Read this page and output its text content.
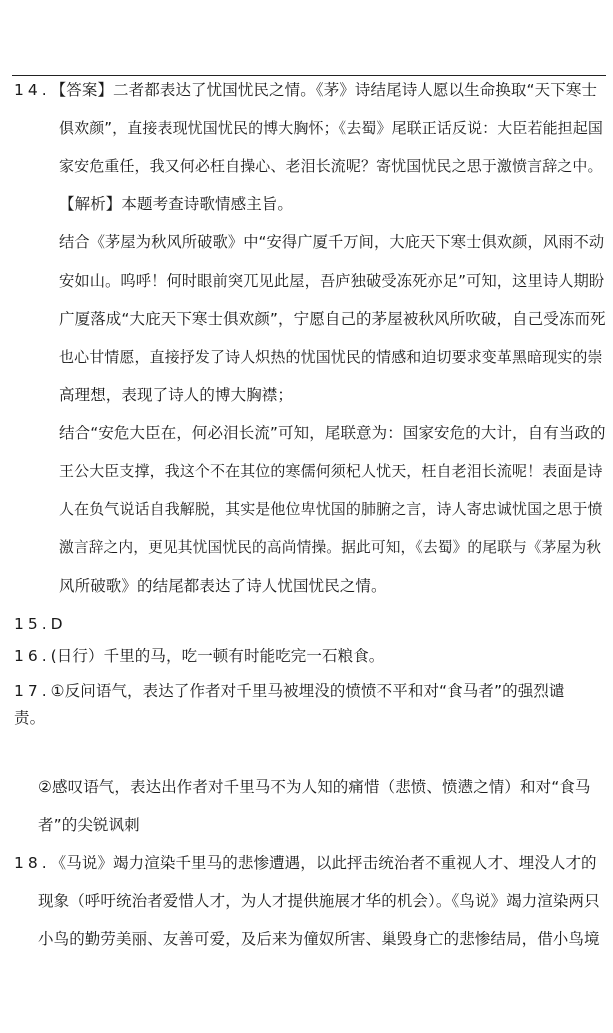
14.【答案】二者都表达了忧国忧民之情。《茅》诗结尾诗人愿以生命换取“天下寒士
俱欢颜”，直接表现忧国忧民的博大胸怀；《去蜀》尾联正话反说：大臣若能担起国
家安危重任，我又何必枉自操心、老泪长流呢？寄忧国忧民之思于激愤言辞之中。
【解析】本题考查诗歌情感主旨。
结合《茅屋为秋风所破歌》中“安得广厦千万间，大庇天下寒士俱欢颜，风雨不动
安如山。呜呼！何时眼前突兀见此屋，吾庐独破受冻死亦足”可知，这里诗人期盼
广厦落成“大庇天下寒士俱欢颜”，宁愿自己的茅屋被秋风所吹破，自己受冻而死
也心甘情愿，直接抒发了诗人炽热的忧国忧民的情感和迫切要求变革黑暗现实的崇
高理想，表现了诗人的博大胸襟；
结合“安危大臣在，何必泪长流”可知，尾联意为：国家安危的大计，自有当政的
王公大臣支撑，我这个不在其位的寒儒何须杞人忧天，枉自老泪长流呢！表面是诗
人在负气说话自我解脱，其实是他位卑忧国的肺腑之言，诗人寄忠诚忧国之思于愤
激言辞之内，更见其忧国忧民的高尚情操。据此可知，《去蜀》的尾联与《茅屋为秋
风所破歌》的结尾都表达了诗人忧国忧民之情。
15.D
16.(日行）千里的马，吃一顿有时能吃完一石粮食。
17.①反问语气，表达了作者对千里马被埋没的愤愤不平和对“食马者”的强烈谴
责。
②感叹语气，表达出作者对千里马不为人知的痛惜（悲愤、愤懑之情）和对“食马
者”的尖锐讽刺
18.《马说》竭力渲染千里马的悲惨遭遇，以此抨击统治者不重视人才、埋没人才的
现象（呼吁统治者爱惜人才，为人才提供施展才华的机会）。《鸟说》竭力渲染两只
小鸟的勤劳美丽、友善可爱，及后来为僮奴所害、巢毁身亡的悲惨结局，借小鸟境
